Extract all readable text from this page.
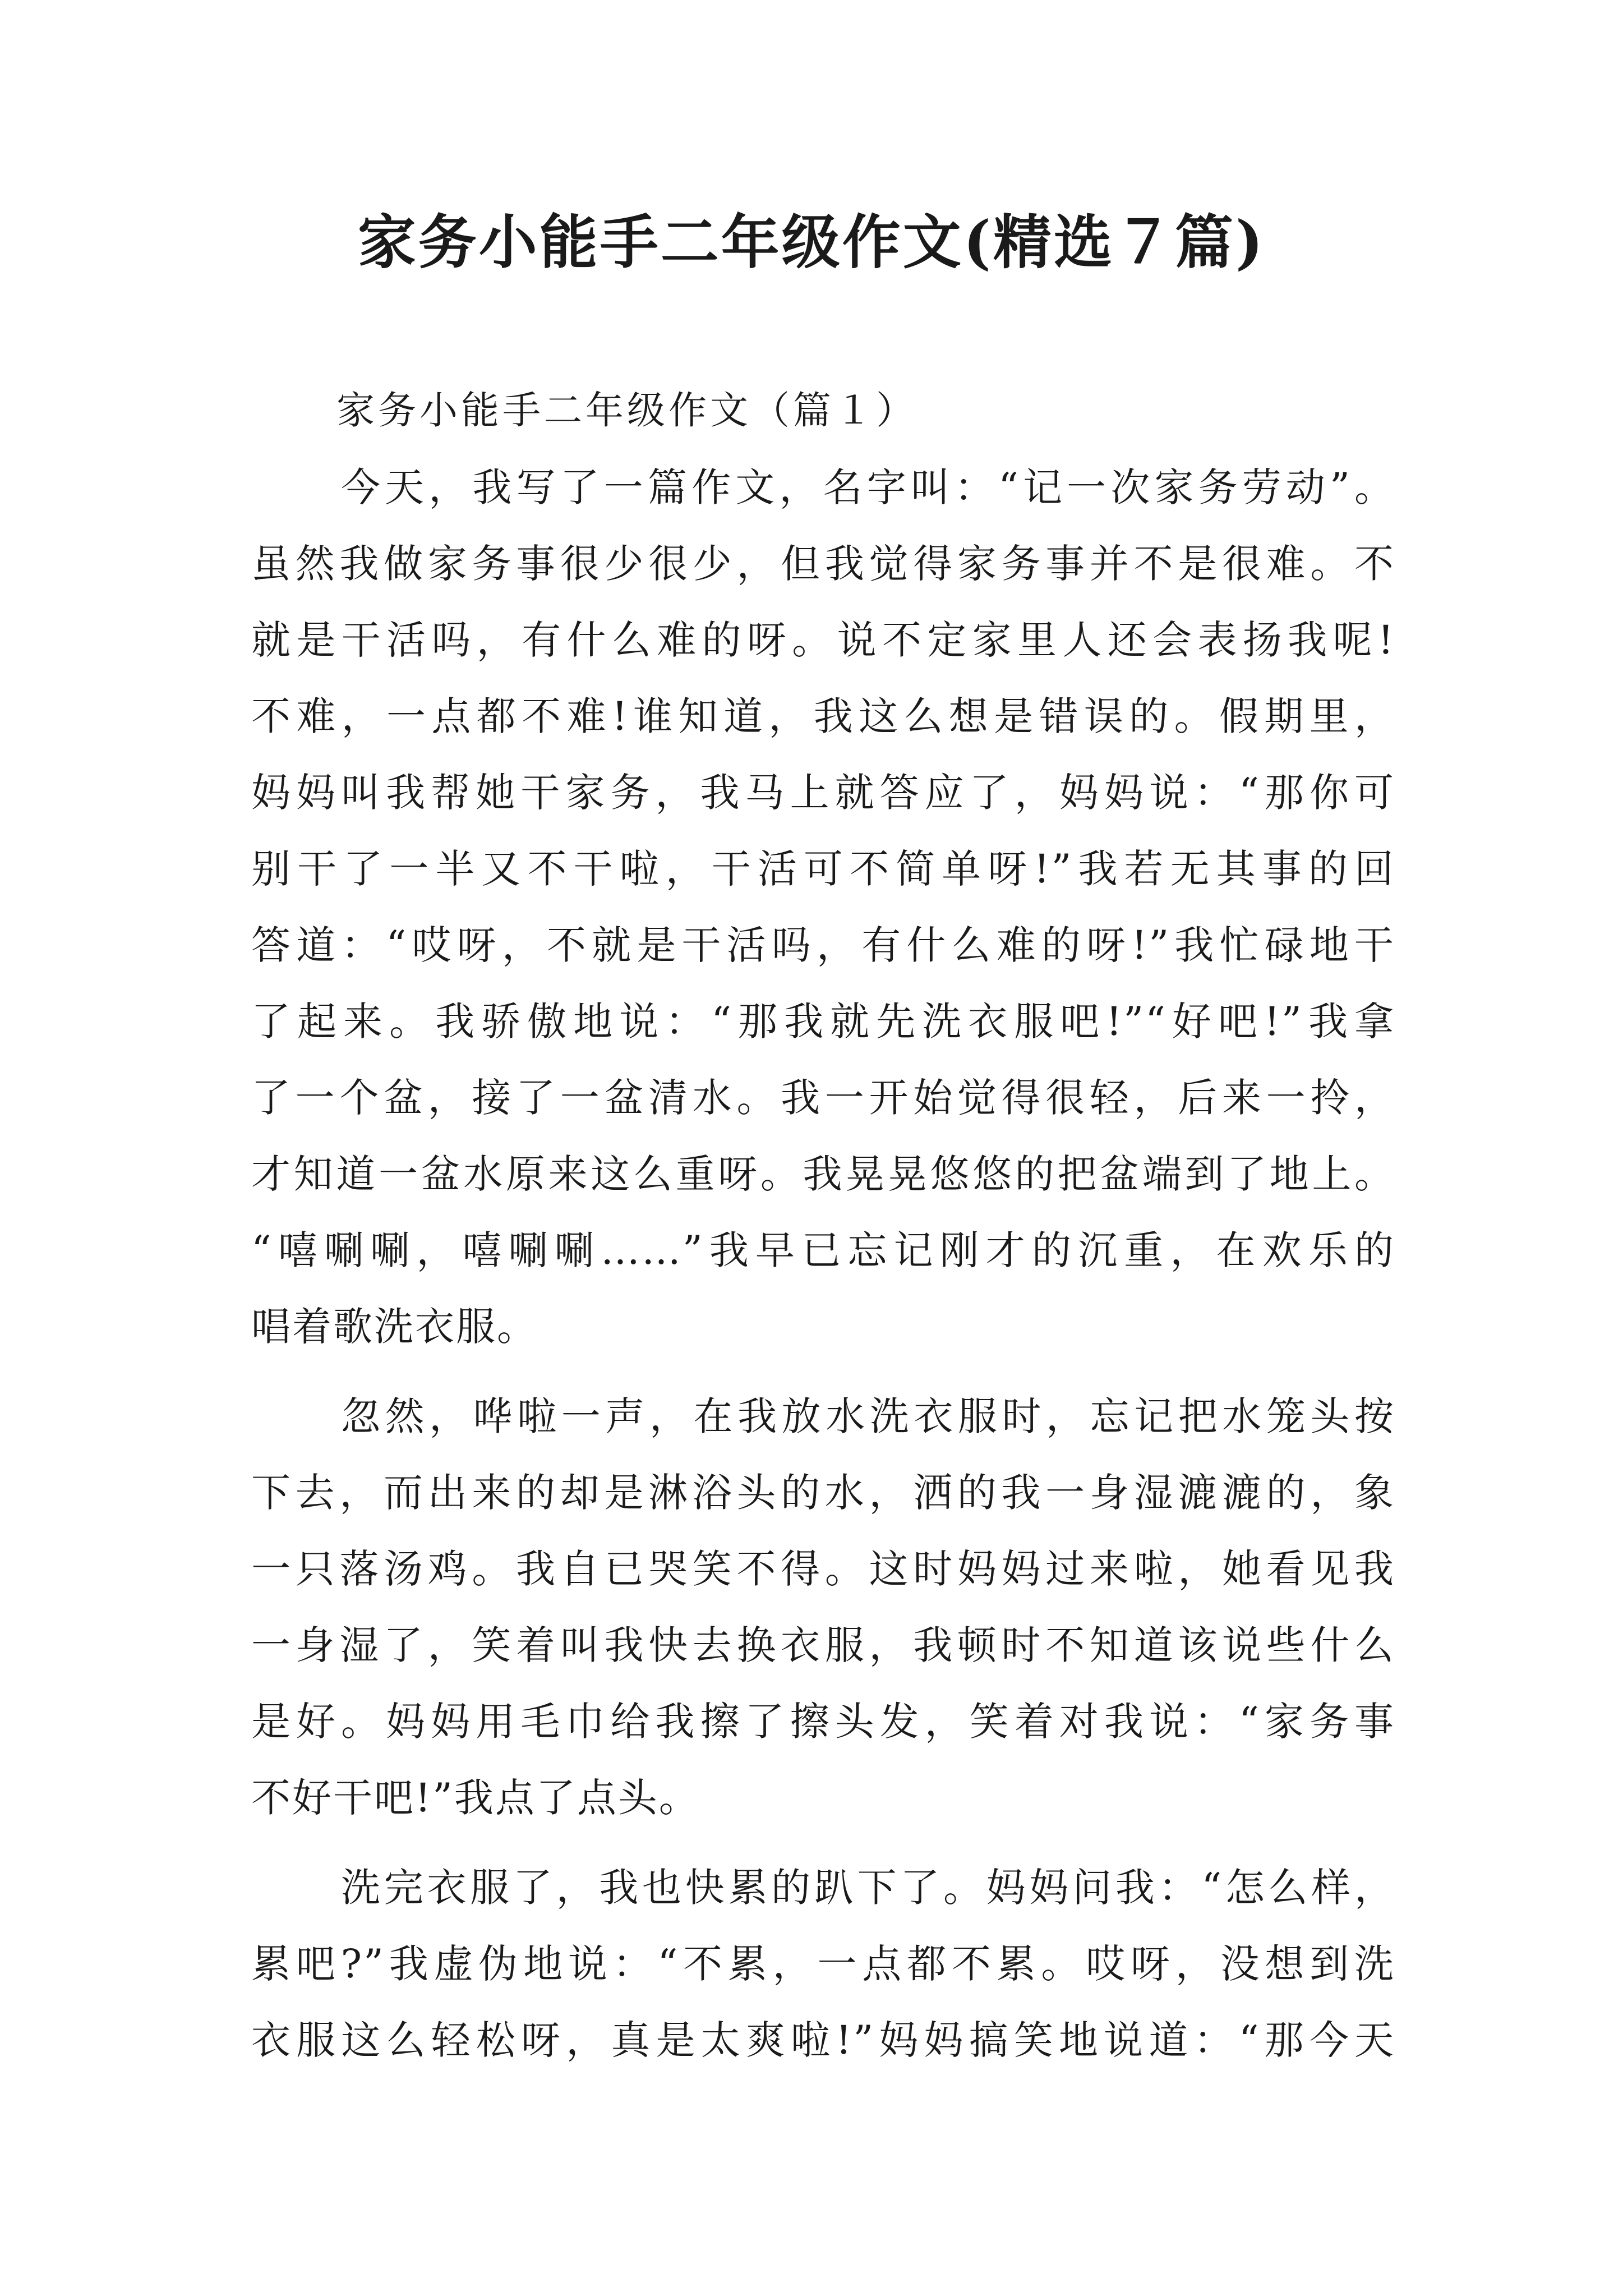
家务小能手二年级作文(精选７篇)
家务小能手二年级作文（篇１）
今天，我写了一篇作文，名字叫：“记一次家务劳动”。
虽然我做家务事很少很少，但我觉得家务事并不是很难。不
就是干活吗，有什么难的呀。说不定家里人还会表扬我呢!
不难，一点都不难!谁知道，我这么想是错误的。假期里，
妈妈叫我帮她干家务，我马上就答应了，妈妈说：“那你可
别干了一半又不干啦，干活可不简单呀!”我若无其事的回
答道：“哎呀，不就是干活吗，有什么难的呀!”我忙碌地干
了起来。我骄傲地说：“那我就先洗衣服吧!”“好吧!”我拿
了一个盆，接了一盆清水。我一开始觉得很轻，后来一拎，
才知道一盆水原来这么重呀。我晃晃悠悠的把盆端到了地上。
“嘻唰唰，嘻唰唰……”我早已忘记刚才的沉重，在欢乐的
唱着歌洗衣服。
忽然，哗啦一声，在我放水洗衣服时，忘记把水笼头按
下去，而出来的却是淋浴头的水，洒的我一身湿漉漉的，象
一只落汤鸡。我自已哭笑不得。这时妈妈过来啦，她看见我
一身湿了，笑着叫我快去换衣服，我顿时不知道该说些什么
是好。妈妈用毛巾给我擦了擦头发，笑着对我说：“家务事
不好干吧!”我点了点头。
洗完衣服了，我也快累的趴下了。妈妈问我：“怎么样，
累吧?”我虚伪地说：“不累，一点都不累。哎呀，没想到洗
衣服这么轻松呀，真是太爽啦!”妈妈搞笑地说道：“那今天
